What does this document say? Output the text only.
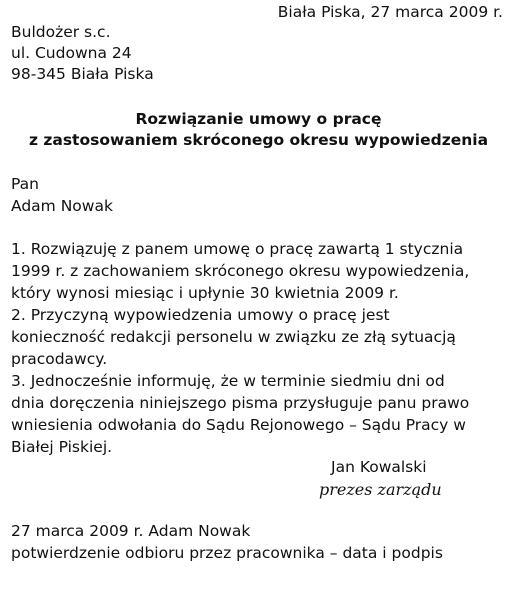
Biała Piska, 27 marca 2009 r.
Buldożer s.c.
ul. Cudowna 24
98-345 Biała Piska
Rozwiązanie umowy o pracę
z zastosowaniem skróconego okresu wypowiedzenia
Pan
Adam Nowak
1. Rozwiązuję z panem umowę o pracę zawartą 1 stycznia
1999 r. z zachowaniem skróconego okresu wypowiedzenia,
który wynosi miesiąc i upłynie 30 kwietnia 2009 r.
2. Przyczyną wypowiedzenia umowy o pracę jest
konieczność redakcji personelu w związku ze złą sytuacją
pracodawcy.
3. Jednocześnie informuję, że w terminie siedmiu dni od
dnia doręczenia niniejszego pisma przysługuje panu prawo
wniesienia odwołania do Sądu Rejonowego – Sądu Pracy w
Białej Piskiej.
Jan Kowalski
prezes zarządu
27 marca 2009 r. Adam Nowak
potwierdzenie odbioru przez pracownika – data i podpis
